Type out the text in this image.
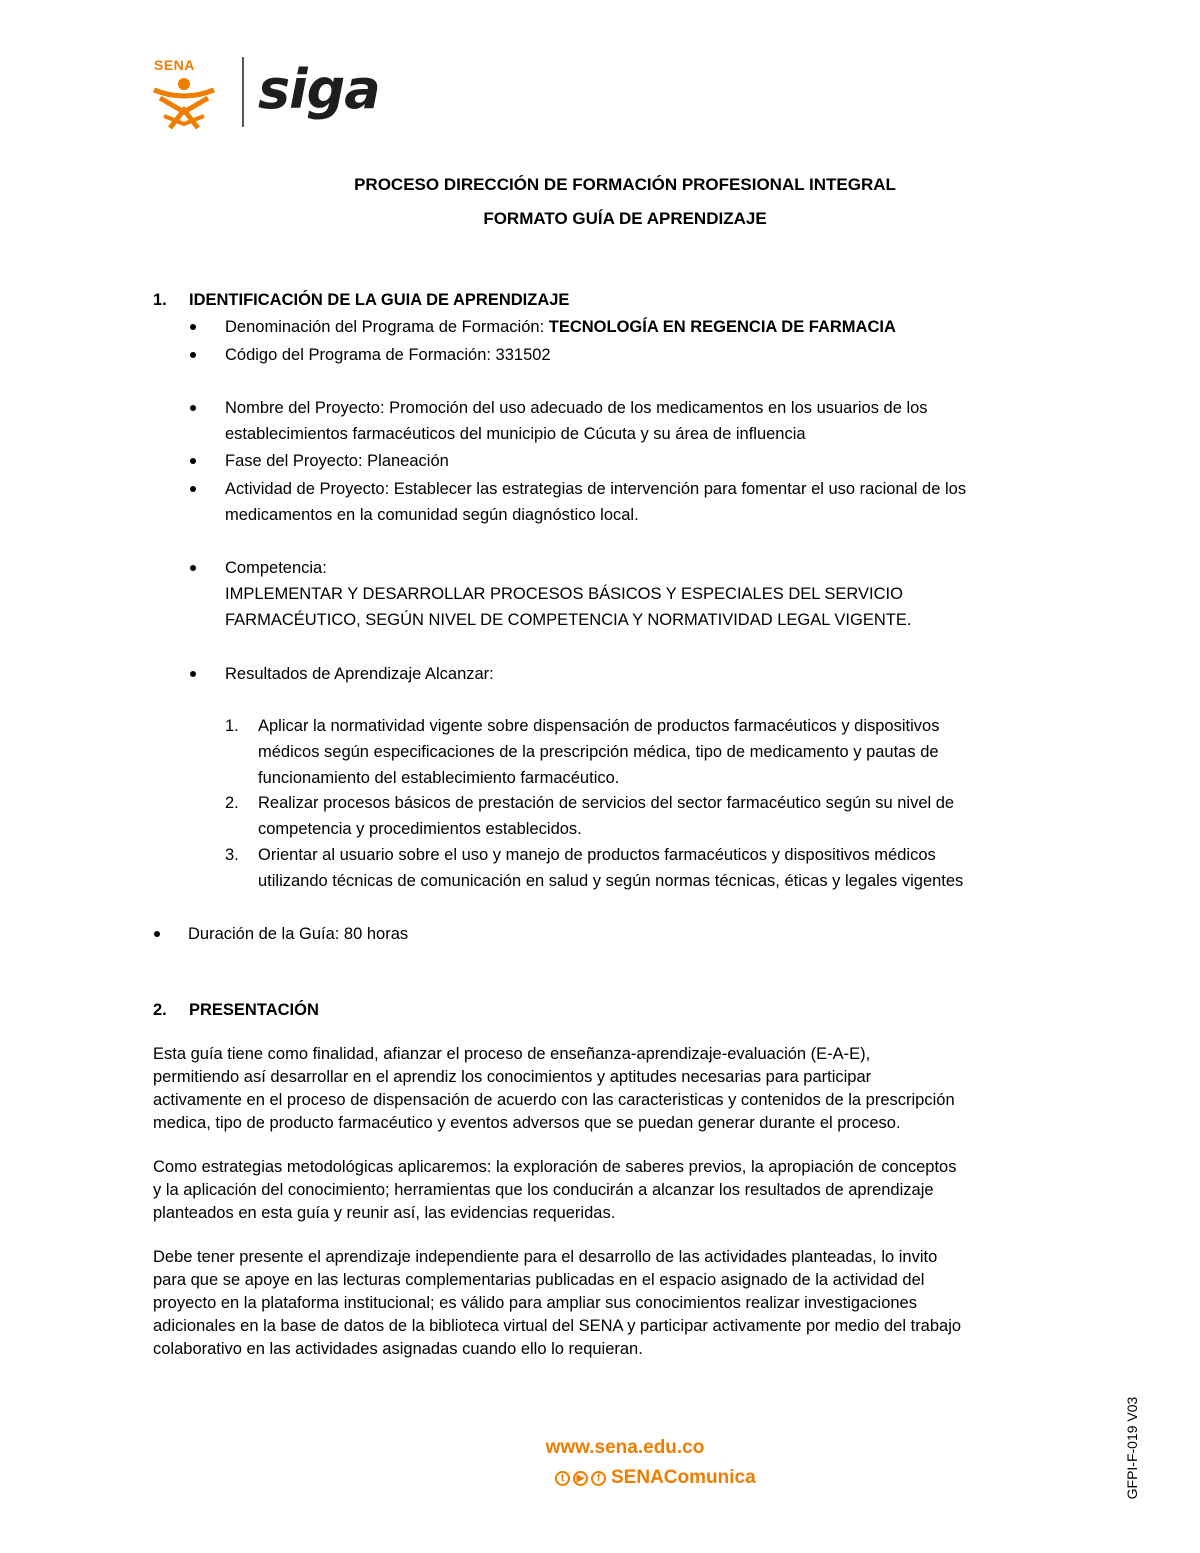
SENA siga
PROCESO DIRECCIÓN DE FORMACIÓN PROFESIONAL INTEGRAL
FORMATO GUÍA DE APRENDIZAJE
1. IDENTIFICACIÓN DE LA GUIA DE APRENDIZAJE
Denominación del Programa de Formación: TECNOLOGÍA EN REGENCIA DE FARMACIA
Código del Programa de Formación: 331502
Nombre del Proyecto: Promoción del uso adecuado de los medicamentos en los usuarios de los
establecimientos farmacéuticos del municipio de Cúcuta y su área de influencia
Fase del Proyecto: Planeación
Actividad de Proyecto: Establecer las estrategias de intervención para fomentar el uso racional de los
medicamentos en la comunidad según diagnóstico local.
Competencia:
IMPLEMENTAR Y DESARROLLAR PROCESOS BÁSICOS Y ESPECIALES DEL SERVICIO
FARMACÉUTICO, SEGÚN NIVEL DE COMPETENCIA Y NORMATIVIDAD LEGAL VIGENTE.
Resultados de Aprendizaje Alcanzar:
1. Aplicar la normatividad vigente sobre dispensación de productos farmacéuticos y dispositivos
médicos según especificaciones de la prescripción médica, tipo de medicamento y pautas de
funcionamiento del establecimiento farmacéutico.
2. Realizar procesos básicos de prestación de servicios del sector farmacéutico según su nivel de
competencia y procedimientos establecidos.
3. Orientar al usuario sobre el uso y manejo de productos farmacéuticos y dispositivos médicos
utilizando técnicas de comunicación en salud y según normas técnicas, éticas y legales vigentes
Duración de la Guía: 80 horas
2. PRESENTACIÓN
Esta guía tiene como finalidad, afianzar el proceso de enseñanza-aprendizaje-evaluación (E-A-E),
permitiendo así desarrollar en el aprendiz los conocimientos y aptitudes necesarias para participar
activamente en el proceso de dispensación de acuerdo con las caracteristicas y contenidos de la prescripción
medica, tipo de producto farmacéutico y eventos adversos que se puedan generar durante el proceso.
Como estrategias metodológicas aplicaremos: la exploración de saberes previos, la apropiación de conceptos
y la aplicación del conocimiento; herramientas que los conducirán a alcanzar los resultados de aprendizaje
planteados en esta guía y reunir así, las evidencias requeridas.
Debe tener presente el aprendizaje independiente para el desarrollo de las actividades planteadas, lo invito
para que se apoye en las lecturas complementarias publicadas en el espacio asignado de la actividad del
proyecto en la plataforma institucional; es válido para ampliar sus conocimientos realizar investigaciones
adicionales en la base de datos de la biblioteca virtual del SENA y participar activamente por medio del trabajo
colaborativo en las actividades asignadas cuando ello lo requieran.
www.sena.edu.co
t	▶	f SENAComunica	GFPI-F-019 V03
